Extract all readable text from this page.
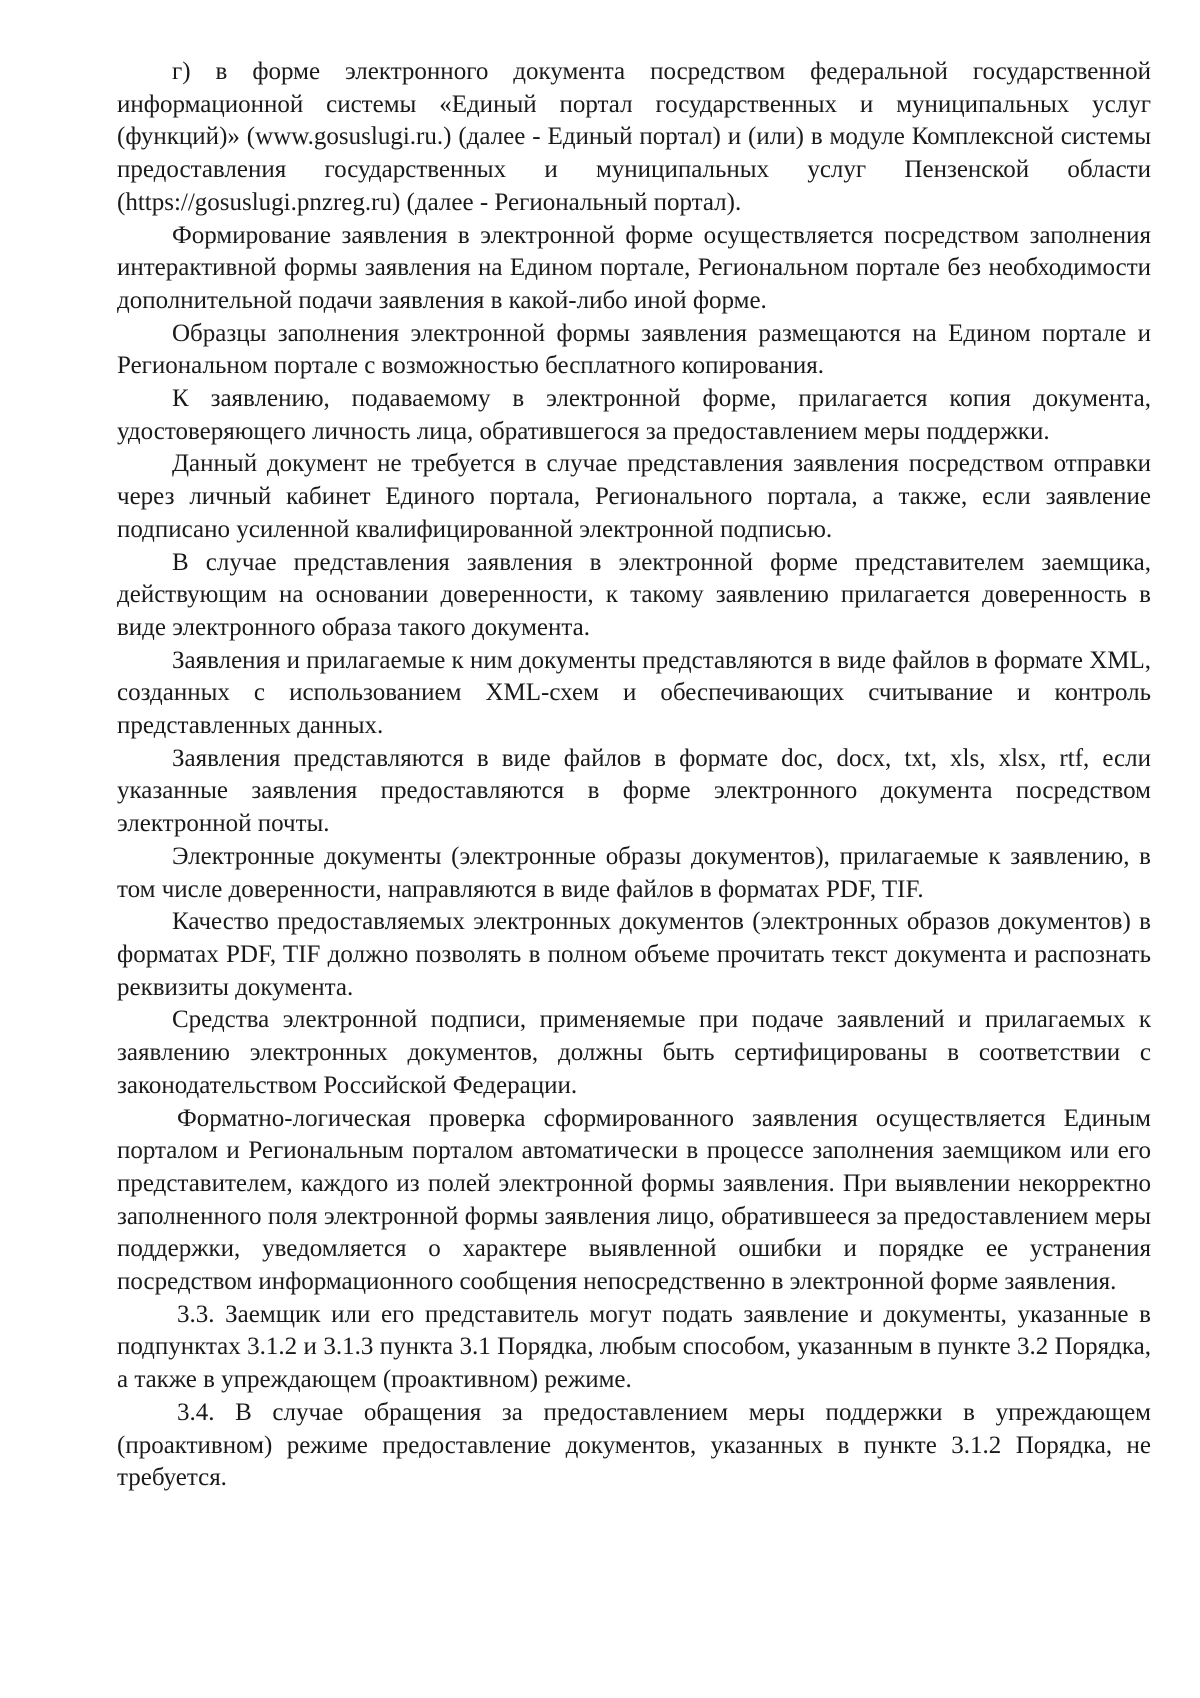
г) в форме электронного документа посредством федеральной государственной информационной системы «Единый портал государственных и муниципальных услуг (функций)» (www.gosuslugi.ru.) (далее - Единый портал) и (или) в модуле Комплексной системы предоставления государственных и муниципальных услуг Пензенской области (https://gosuslugi.pnzreg.ru) (далее - Региональный портал).

Формирование заявления в электронной форме осуществляется посредством заполнения интерактивной формы заявления на Едином портале, Региональном портале без необходимости дополнительной подачи заявления в какой-либо иной форме.

Образцы заполнения электронной формы заявления размещаются на Едином портале и Региональном портале с возможностью бесплатного копирования.

К заявлению, подаваемому в электронной форме, прилагается копия документа, удостоверяющего личность лица, обратившегося за предоставлением меры поддержки.

Данный документ не требуется в случае представления заявления посредством отправки через личный кабинет Единого портала, Регионального портала, а также, если заявление подписано усиленной квалифицированной электронной подписью.

В случае представления заявления в электронной форме представителем заемщика, действующим на основании доверенности, к такому заявлению прилагается доверенность в виде электронного образа такого документа.

Заявления и прилагаемые к ним документы представляются в виде файлов в формате XML, созданных с использованием XML-схем и обеспечивающих считывание и контроль представленных данных.

Заявления представляются в виде файлов в формате doc, docx, txt, xls, xlsx, rtf, если указанные заявления предоставляются в форме электронного документа посредством электронной почты.

Электронные документы (электронные образы документов), прилагаемые к заявлению, в том числе доверенности, направляются в виде файлов в форматах PDF, TIF.

Качество предоставляемых электронных документов (электронных образов документов) в форматах PDF, TIF должно позволять в полном объеме прочитать текст документа и распознать реквизиты документа.

Средства электронной подписи, применяемые при подаче заявлений и прилагаемых к заявлению электронных документов, должны быть сертифицированы в соответствии с законодательством Российской Федерации.

Форматно-логическая проверка сформированного заявления осуществляется Единым порталом и Региональным порталом автоматически в процессе заполнения заемщиком или его представителем, каждого из полей электронной формы заявления. При выявлении некорректно заполненного поля электронной формы заявления лицо, обратившееся за предоставлением меры поддержки, уведомляется о характере выявленной ошибки и порядке ее устранения посредством информационного сообщения непосредственно в электронной форме заявления.

3.3. Заемщик или его представитель могут подать заявление и документы, указанные в подпунктах 3.1.2 и 3.1.3 пункта 3.1 Порядка, любым способом, указанным в пункте 3.2 Порядка, а также в упреждающем (проактивном) режиме.

3.4. В случае обращения за предоставлением меры поддержки в упреждающем (проактивном) режиме предоставление документов, указанных в пункте 3.1.2 Порядка, не требуется.
